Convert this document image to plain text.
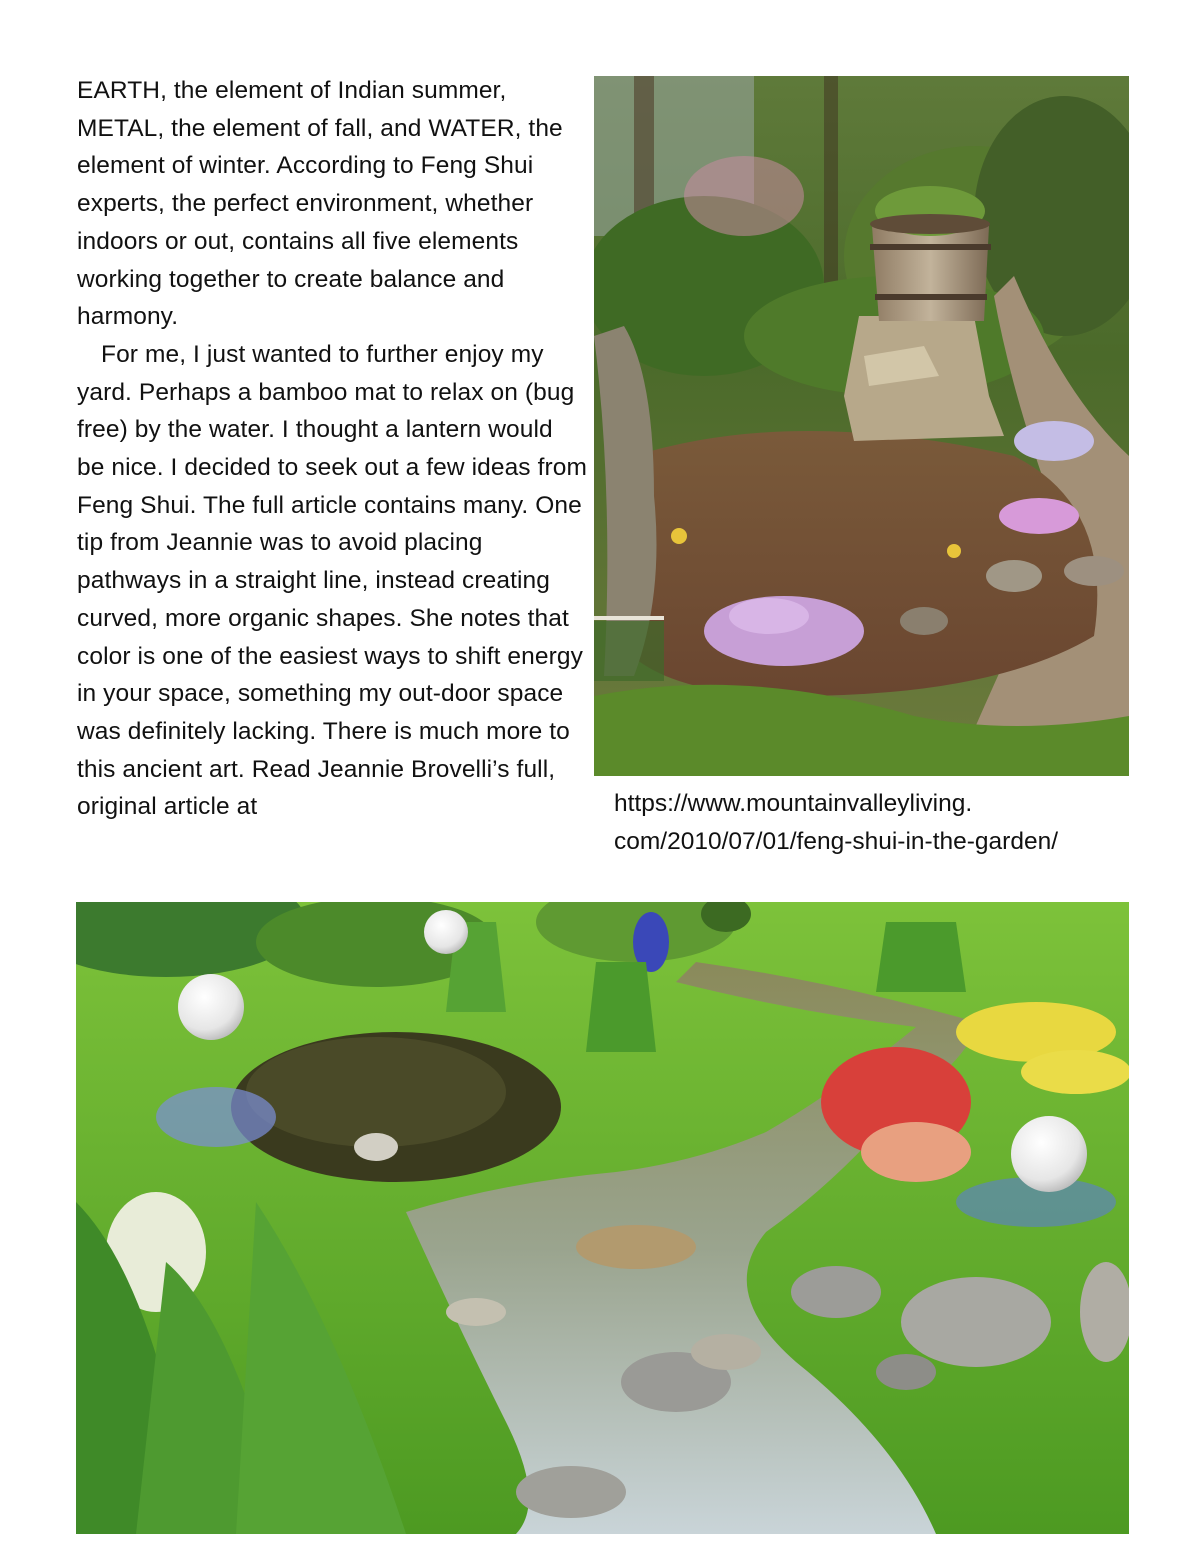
EARTH, the element of Indian summer, METAL, the element of fall, and WATER, the element of winter. According to Feng Shui experts, the perfect environment, whether indoors or out, contains all five elements working together to create balance and harmony.

For me, I just wanted to further enjoy my yard. Perhaps a bamboo mat to relax on (bug free) by the water. I thought a lantern would be nice. I decided to seek out a few ideas from Feng Shui. The full article contains many. One tip from Jeannie was to avoid placing pathways in a straight line, instead creating curved, more organic shapes. She notes that color is one of the easiest ways to shift energy in your space, something my out-door space was definitely lacking. There is much more to this ancient art. Read Jeannie Brovelli’s full, original article at	https://www.mountainvalleyliving.
com/2010/07/01/feng-shui-in-the-garden/
